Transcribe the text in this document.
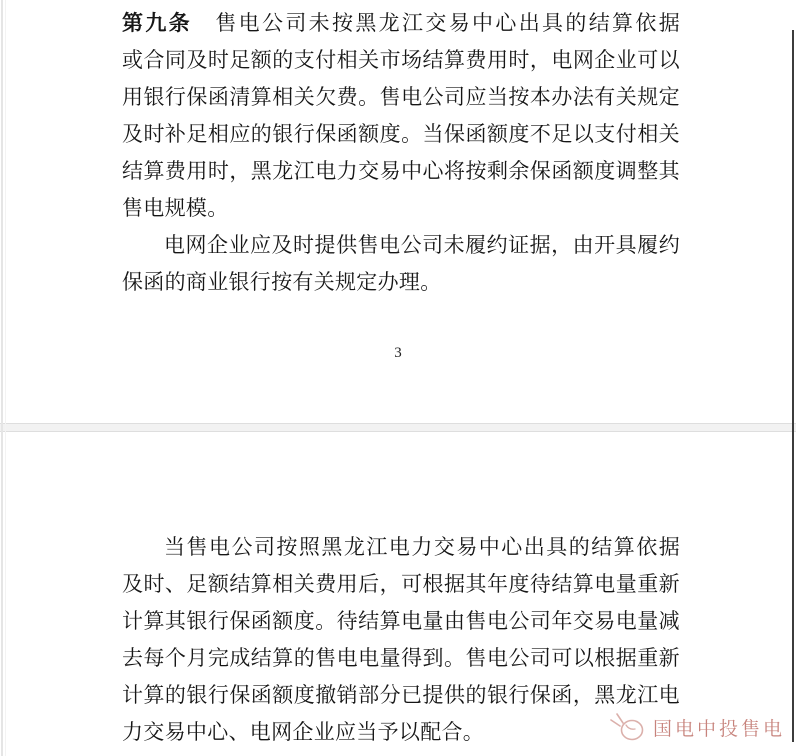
第九条　售电公司未按黑龙江交易中心出具的结算依据
或合同及时足额的支付相关市场结算费用时，电网企业可以
用银行保函清算相关欠费。售电公司应当按本办法有关规定
及时补足相应的银行保函额度。当保函额度不足以支付相关
结算费用时，黑龙江电力交易中心将按剩余保函额度调整其
售电规模。
电网企业应及时提供售电公司未履约证据，由开具履约
保函的商业银行按有关规定办理。
3
当售电公司按照黑龙江电力交易中心出具的结算依据
及时、足额结算相关费用后，可根据其年度待结算电量重新
计算其银行保函额度。待结算电量由售电公司年交易电量减
去每个月完成结算的售电电量得到。售电公司可以根据重新
计算的银行保函额度撤销部分已提供的银行保函，黑龙江电
力交易中心、电网企业应当予以配合。	国电中投售电
